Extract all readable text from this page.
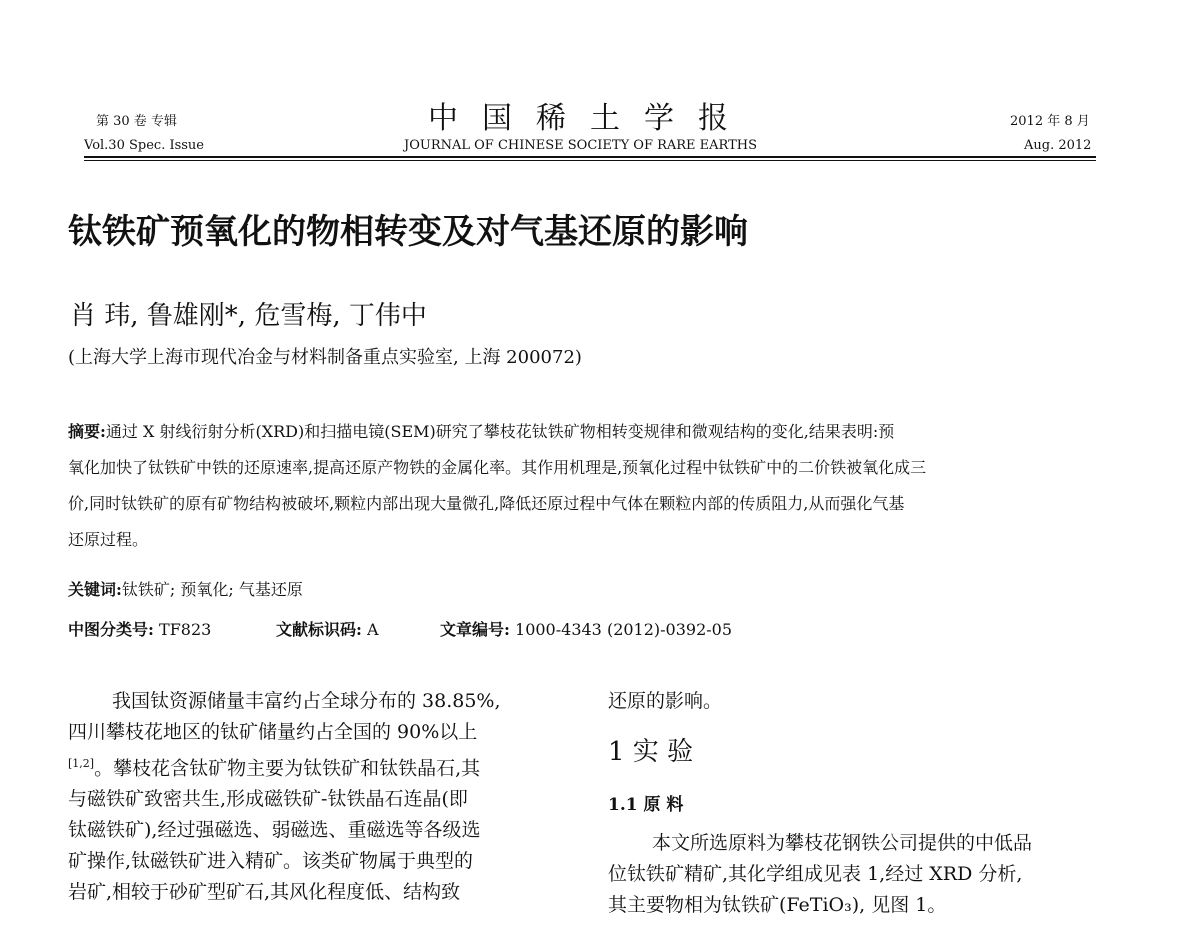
第 30 卷 专辑
Vol.30 Spec. Issue
中国稀土学报
JOURNAL OF CHINESE SOCIETY OF RARE EARTHS
2012 年 8 月
Aug. 2012
钛铁矿预氧化的物相转变及对气基还原的影响
肖 玮, 鲁雄刚*, 危雪梅, 丁伟中
(上海大学上海市现代冶金与材料制备重点实验室, 上海 200072)
摘要:通过 X 射线衍射分析(XRD)和扫描电镜(SEM)研究了攀枝花钛铁矿物相转变规律和微观结构的变化,结果表明:预
氧化加快了钛铁矿中铁的还原速率,提高还原产物铁的金属化率。其作用机理是,预氧化过程中钛铁矿中的二价铁被氧化成三
价,同时钛铁矿的原有矿物结构被破坏,颗粒内部出现大量微孔,降低还原过程中气体在颗粒内部的传质阻力,从而强化气基
还原过程。
关键词:钛铁矿; 预氧化; 气基还原
中图分类号: TF823	文献标识码: A	文章编号: 1000-4343 (2012)-0392-05
我国钛资源储量丰富约占全球分布的 38.85%,
四川攀枝花地区的钛矿储量约占全国的 90%以上
[1,2]。攀枝花含钛矿物主要为钛铁矿和钛铁晶石,其
与磁铁矿致密共生,形成磁铁矿-钛铁晶石连晶(即
钛磁铁矿),经过强磁选、弱磁选、重磁选等各级选
矿操作,钛磁铁矿进入精矿。该类矿物属于典型的
岩矿,相较于砂矿型矿石,其风化程度低、结构致
还原的影响。
1 实 验
1.1 原 料
本文所选原料为攀枝花钢铁公司提供的中低品
位钛铁矿精矿,其化学组成见表 1,经过 XRD 分析,
其主要物相为钛铁矿(FeTiO₃), 见图 1。
